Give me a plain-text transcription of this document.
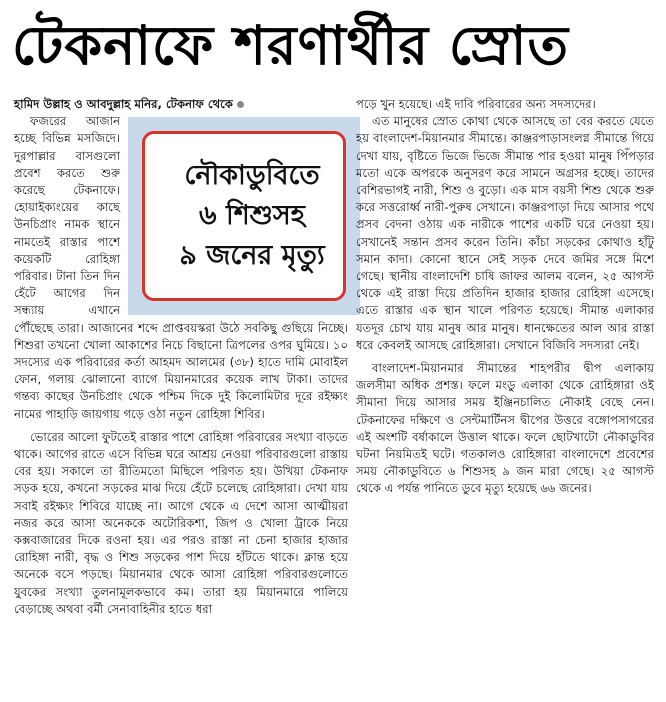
টেকনাফে শরণার্থীর স্রোত

হামিদ উল্লাহ ও আবদুল্লাহ মনির, টেকনাফ থেকে

নৌকাডুবিতে
৬ শিশুসহ
৯ জনের মৃত্যু
ফজরের আজান হচ্ছে বিভিন্ন মসজিদে। দুরপাল্লার বাসগুলো প্রবেশ করতে শুরু করেছে টেকনাফে। হোয়াইক্যংয়ের কাছে উনচিপ্রাং নামক স্থানে নামতেই রাস্তার পাশে কয়েকটি রোহিঙ্গা পরিবার। টানা তিন দিন হেঁটে আগের দিন সন্ধ্যায় এখানে পৌঁছেছে তারা। আজানের শব্দে প্রাপ্তবয়স্করা উঠে সবকিছু গুছিয়ে নিচ্ছে। শিশুরা তখনো খোলা আকাশের নিচে বিছানো ত্রিপলের ওপর ঘুমিয়ে। ১০ সদস্যের এক পরিবারের কর্তা আহমদ আলমের (৩৮) হাতে দামি মোবাইল ফোন, গলায় ঝোলানো ব্যাগে মিয়ানমারের কয়েক লাখ টাকা। তাদের গন্তব্য কাছের উনচিপ্রাং থেকে পশ্চিম দিকে দুই কিলোমিটার দূরে রইক্ষ্যং নামের পাহাড়ি জায়গায় গড়ে ওঠা নতুন রোহিঙ্গা শিবির।

ভোরের আলো ফুটতেই রাস্তার পাশে রোহিঙ্গা পরিবারের সংখ্যা বাড়তে থাকে। আগের রাতে এসে বিভিন্ন ঘরে আশ্রয় নেওয়া পরিবারগুলো রাস্তায় বের হয়। সকালে তা রীতিমতো মিছিলে পরিণত হয়। উখিয়া টেকনাফ সড়ক হয়ে, কখনো সড়কের মাঝ দিয়ে হেঁটে চলেছে রোহিঙ্গারা। দেখা যায় সবাই রইক্ষ্যং শিবিরে যাচ্ছে না। আগে থেকে এ দেশে আসা আত্মীয়রা নজর করে আসা অনেককে অটোরিকশা, জিপ ও খোলা ট্রাকে নিয়ে কক্সবাজারের দিকে রওনা হয়। এর পরও রাস্তা না চেনা হাজার হাজার রোহিঙ্গা নারী, বৃদ্ধ ও শিশু সড়কের পাশ দিয়ে হাঁটতে থাকে। ক্লান্ত হয়ে অনেকে বসে পড়ছে। মিয়ানমার থেকে আসা রোহিঙ্গা পরিবারগুলোতে যুবকের সংখ্যা তুলনামূলকভাবে কম। তারা হয় মিয়ানমারে পালিয়ে বেড়াচ্ছে অথবা বর্মী সেনাবাহিনীর হাতে ধরা

পড়ে খুন হয়েছে। এই দাবি পরিবারের অন্য সদস্যদের।

এত মানুষের স্রোত কোথা থেকে আসছে তা বের করতে যেতে হয় বাংলাদেশ-মিয়ানমার সীমান্তে। কাঞ্জরপাড়াসংলগ্ন সীমান্তে গিয়ে দেখা যায়, বৃষ্টিতে ভিজে ভিজে সীমান্ত পার হওয়া মানুষ পিঁপড়ার মতো একে অপরকে অনুসরণ করে সামনে অগ্রসর হচ্ছে। তাদের বেশিরভাগই নারী, শিশু ও বুড়ো। এক মাস বয়সী শিশু থেকে শুরু করে সত্তরোর্ধ্ব নারী-পুরুষ সেখানে। কাঞ্জরপাড়া দিয়ে আসার পথে প্রসব বেদনা ওঠায় এক নারীকে পাশের একটি ঘরে নেওয়া হয়। সেখানেই সন্তান প্রসব করেন তিনি। কাঁচা সড়কের কোথাও হাঁটু সমান কাদা। কোনো স্থানে সেই সড়ক দেবে জমির সঙ্গে মিশে গেছে। স্থানীয় বাংলাদেশি চাষি জাফর আলম বলেন, ২৫ আগস্ট থেকে এই রাস্তা দিয়ে প্রতিদিন হাজার হাজার রোহিঙ্গা এসেছে। এতে রাস্তার এক স্থান খালে পরিণত হয়েছে। সীমান্ত এলাকার যতদূর চোখ যায় মানুষ আর মানুষ। ধানক্ষেতের আল আর রাস্তা ধরে কেবলই আসছে রোহিঙ্গারা। সেখানে বিজিবি সদস্যরা নেই।

বাংলাদেশ-মিয়ানমার সীমান্তের শাহপরীর দ্বীপ এলাকায় জলসীমা অধিক প্রশস্ত। ফলে মংডু এলাকা থেকে রোহিঙ্গারা ওই সীমানা দিয়ে আসার সময় ইঞ্জিনচালিত নৌকাই বেছে নেন। টেকনাফের দক্ষিণে ও সেন্টমার্টিনস দ্বীপের উত্তরে বঙ্গোপসাগরের এই অংশটি বর্ষাকালে উত্তাল থাকে। ফলে ছোটখাটো নৌকাডুবির ঘটনা নিয়মিতই ঘটে। গতকালও রোহিঙ্গারা বাংলাদেশে প্রবেশের সময় নৌকাডুবিতে ৬ শিশুসহ ৯ জন মারা গেছে। ২৫ আগস্ট থেকে এ পর্যন্ত পানিতে ডুবে মৃত্যু হয়েছে ৬৬ জনের।
